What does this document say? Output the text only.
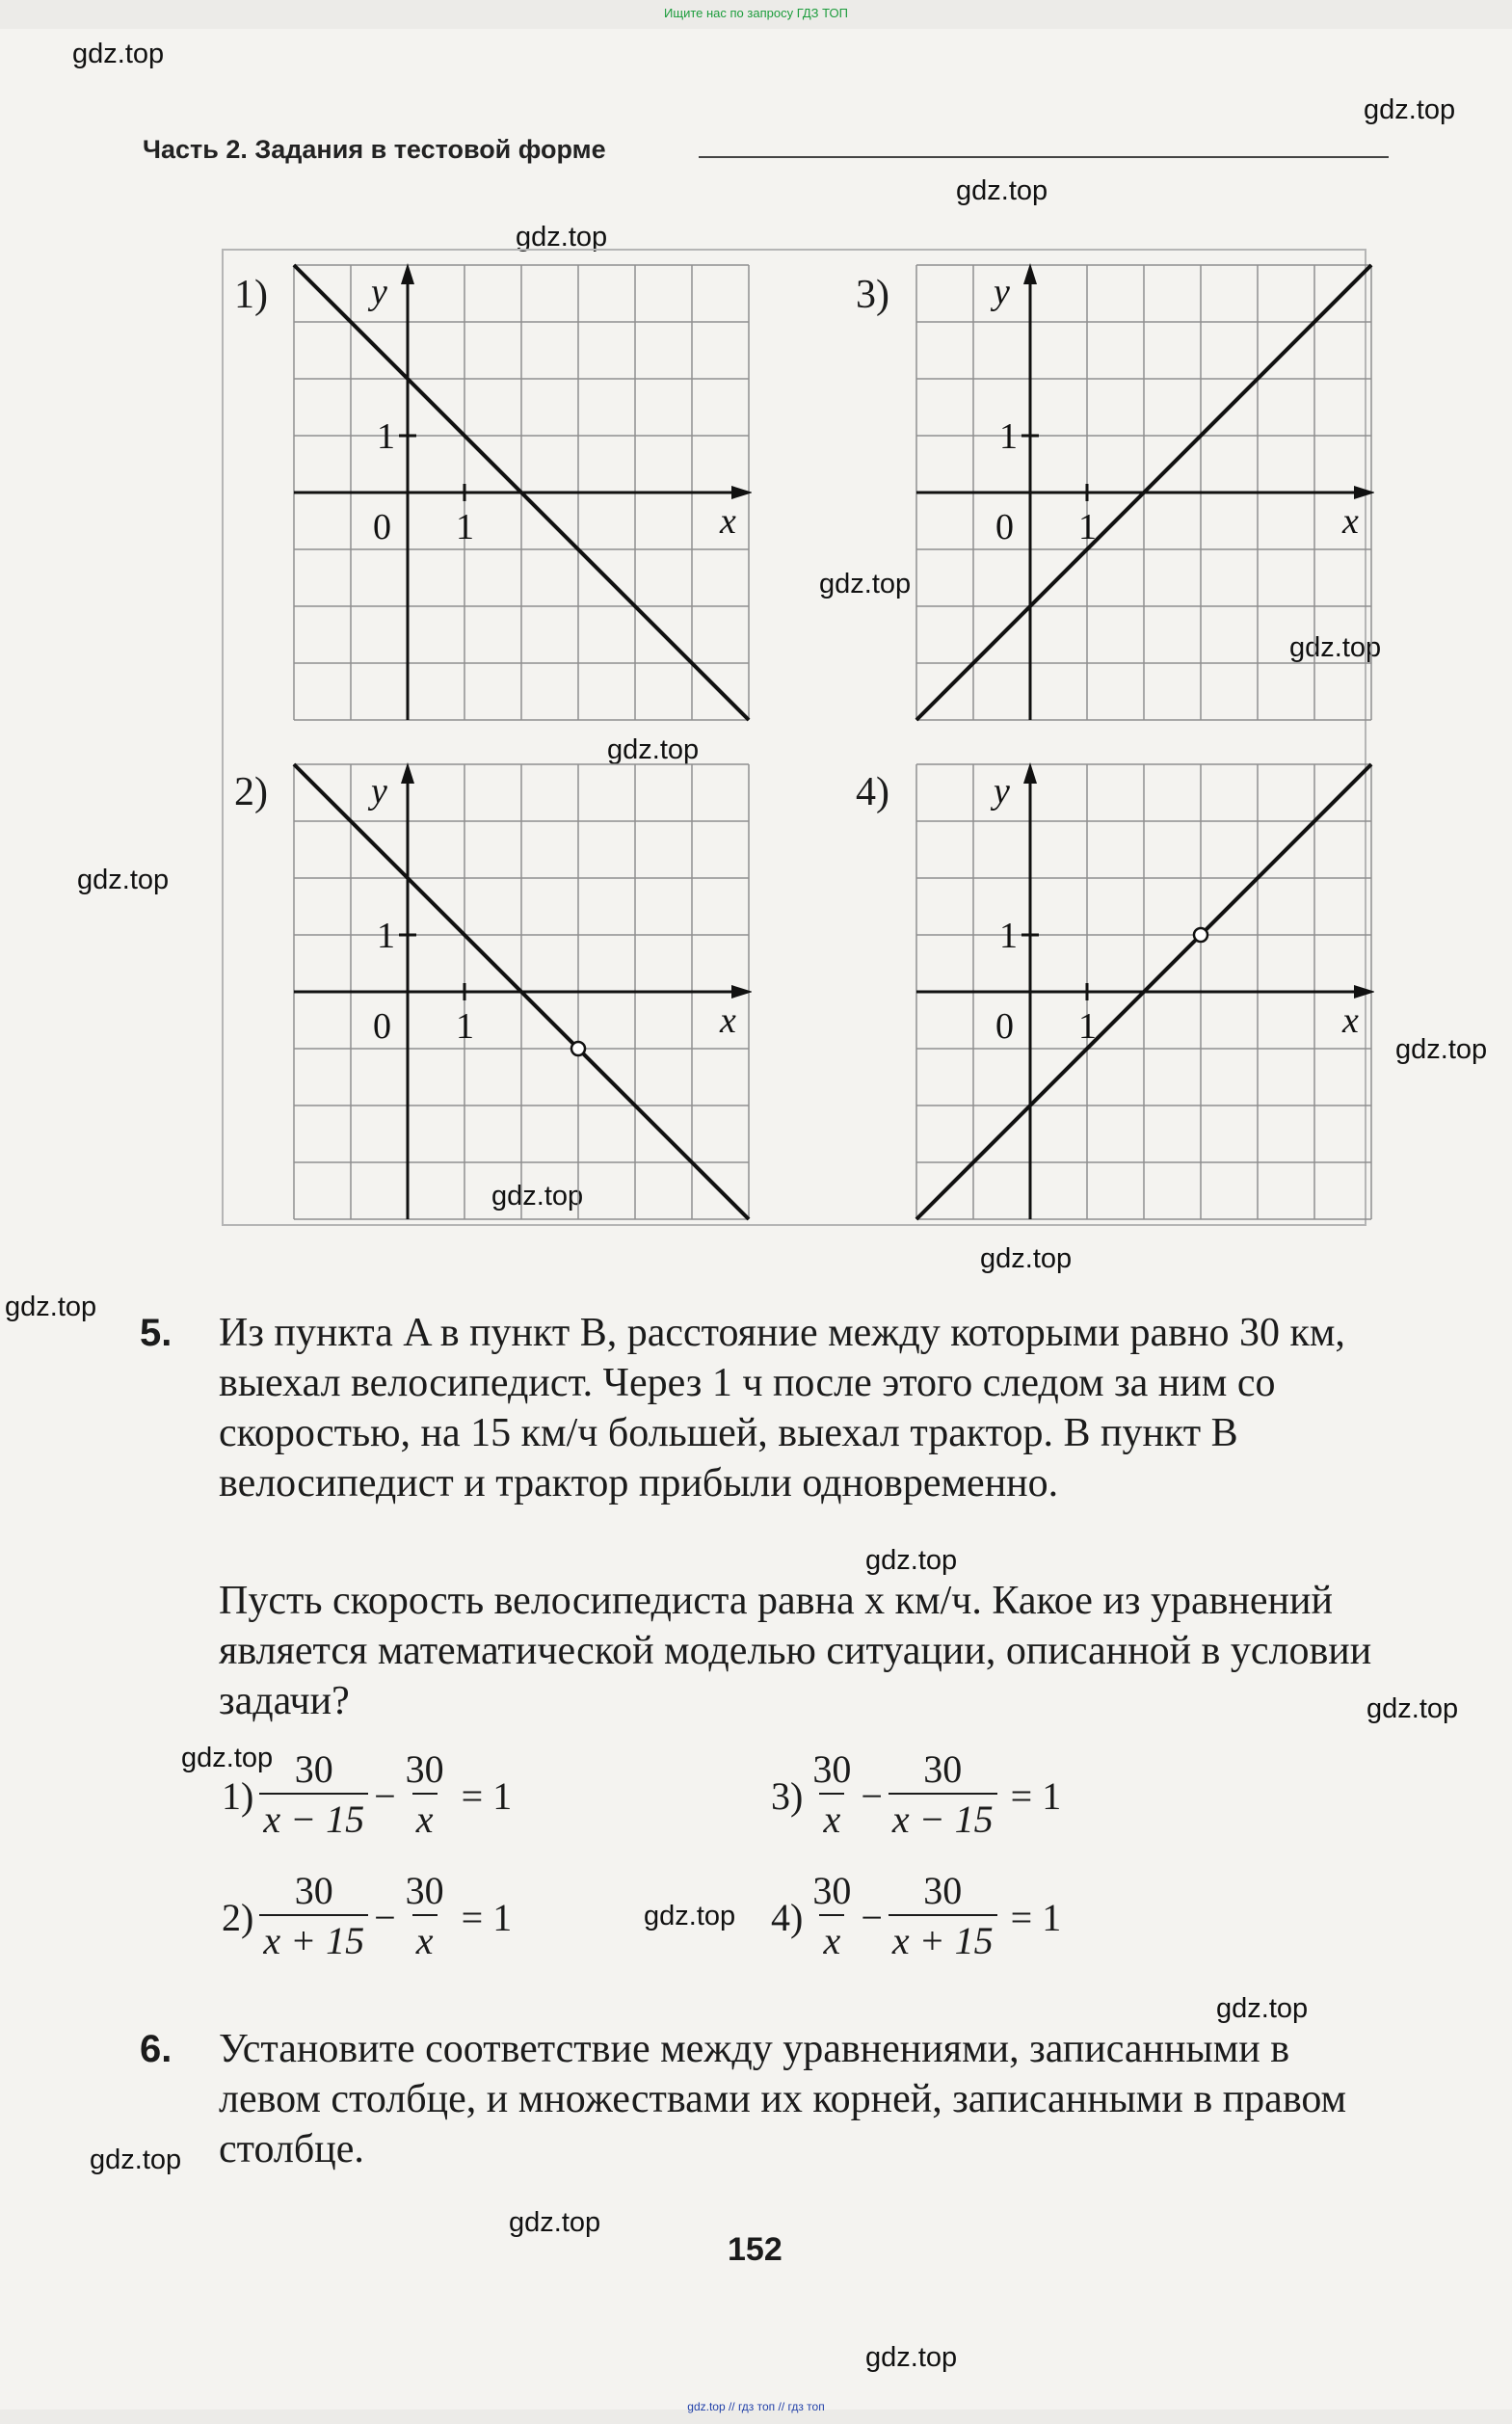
Ищите нас по запросу ГДЗ ТОП
gdz.top
gdz.top
gdz.top
gdz.top
gdz.top
gdz.top
gdz.top
gdz.top
gdz.top
gdz.top
gdz.top
gdz.top
gdz.top
gdz.top
gdz.top
gdz.top
gdz.top
gdz.top
gdz.top
gdz.top
Часть 2. Задания в тестовой форме
1)	3)
2)	4)
y
x
0 1
1
y
x
0 1
1
y
x
0 1
1
y
x
0 1
1
5. Из пункта A в пункт B, расстояние между которыми равно 30 км, выехал велосипедист. Через 1 ч после этого следом за ним со скоростью, на 15 км/ч большей, выехал трактор. В пункт B велосипедист и трактор прибыли одновременно.
Пусть скорость велосипедиста равна x км/ч. Какое из уравнений является математической моделью ситуации, описанной в условии задачи?
$1) \frac{30}{x - 15} - \frac{30}{x} = 1$	$3) \frac{30}{x} - \frac{30}{x - 15} = 1$
$2) \frac{30}{x + 15} - \frac{30}{x} = 1$	$4) \frac{30}{x} - \frac{30}{x + 15} = 1$
6. Установите соответствие между уравнениями, записанными в левом столбце, и множествами их корней, записанными в правом столбце.
152
gdz.top // гдз топ // гдз топ
